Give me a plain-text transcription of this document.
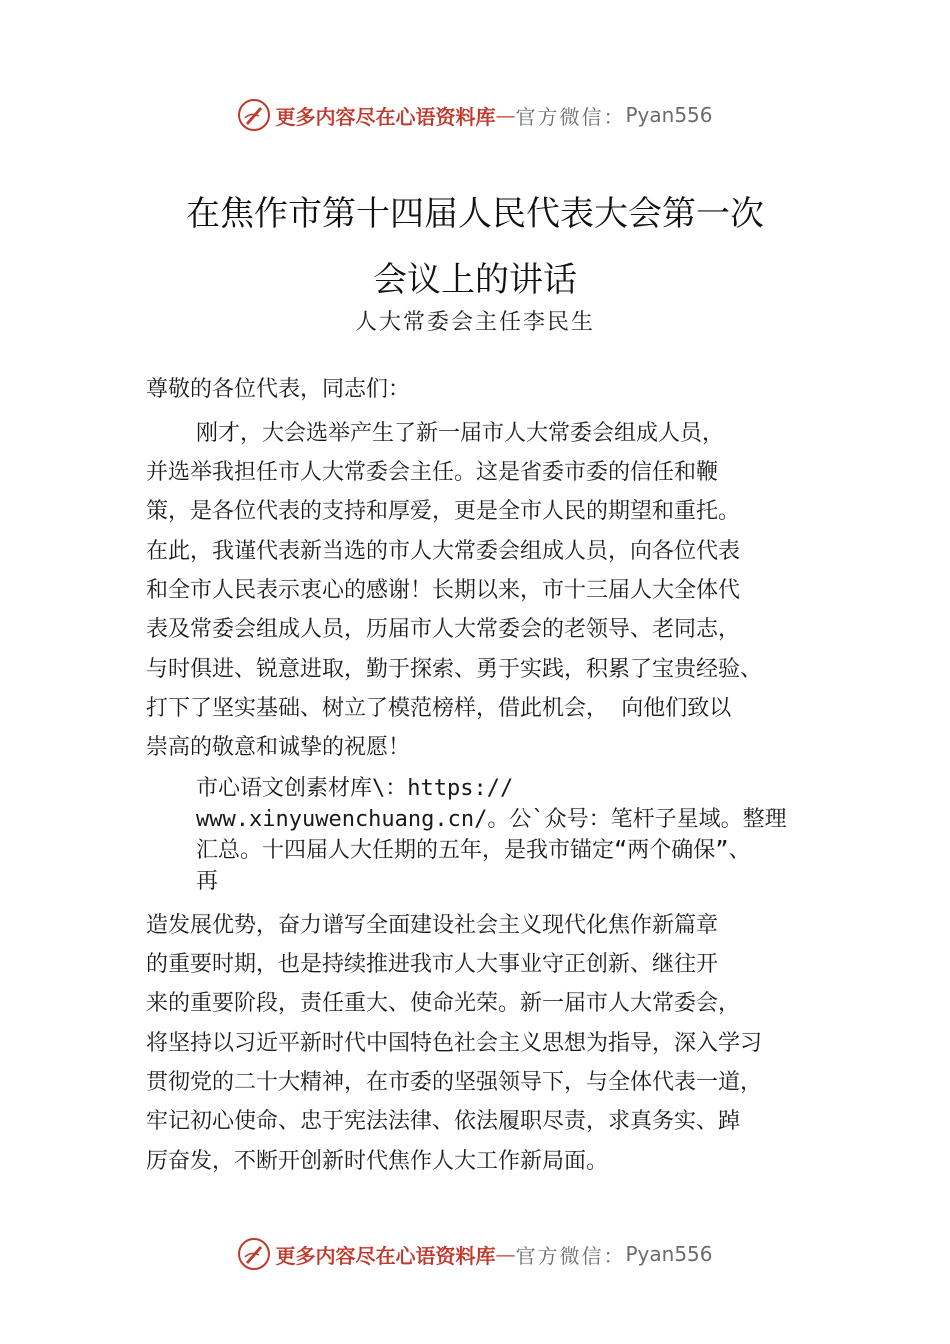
更多内容尽在心语资料库 — 官方微信： Pyan556
在焦作市第十四届人民代表大会第一次
会议上的讲话
人大常委会主任李民生
尊敬的各位代表，同志们：
刚才，大会选举产生了新一届市人大常委会组成人员，
并选举我担任市人大常委会主任。这是省委市委的信任和鞭
策，是各位代表的支持和厚爱，更是全市人民的期望和重托。
在此，我谨代表新当选的市人大常委会组成人员，向各位代表
和全市人民表示衷心的感谢！长期以来，市十三届人大全体代
表及常委会组成人员，历届市人大常委会的老领导、老同志，
与时俱进、锐意进取，勤于探索、勇于实践，积累了宝贵经验、
打下了坚实基础、树立了模范榜样，借此机会， 向他们致以
崇高的敬意和诚挚的祝愿！
市心语文创素材库\：https://
www.xinyuwenchuang.cn/。公`众号：笔杆子星域。整理
汇总。十四届人大任期的五年，是我市锚定“两个确保”、
再
造发展优势，奋力谱写全面建设社会主义现代化焦作新篇章
的重要时期，也是持续推进我市人大事业守正创新、继往开
来的重要阶段，责任重大、使命光荣。新一届市人大常委会，
将坚持以习近平新时代中国特色社会主义思想为指导，深入学习
贯彻党的二十大精神，在市委的坚强领导下，与全体代表一道，
牢记初心使命、忠于宪法法律、依法履职尽责，求真务实、踔
厉奋发，不断开创新时代焦作人大工作新局面。
更多内容尽在心语资料库 — 官方微信： Pyan556
